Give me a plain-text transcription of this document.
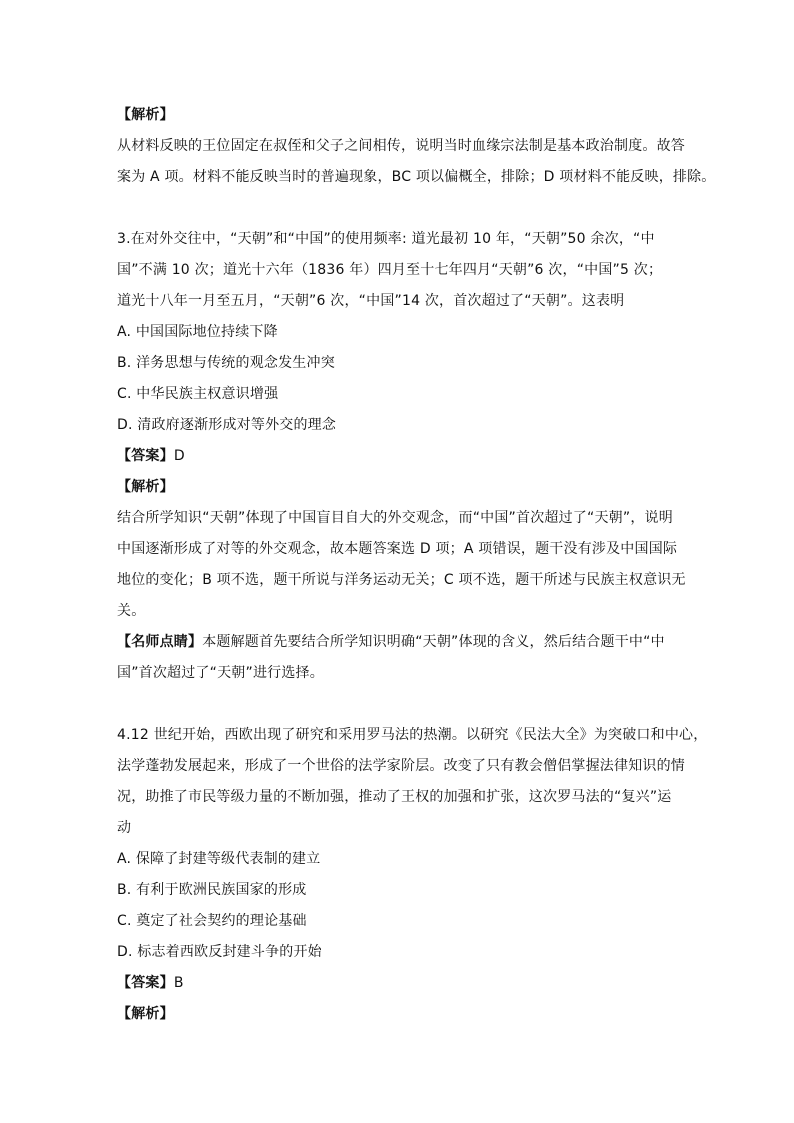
【解析】
从材料反映的王位固定在叔侄和父子之间相传，说明当时血缘宗法制是基本政治制度。故答
案为 A 项。材料不能反映当时的普遍现象，BC 项以偏概全，排除；D 项材料不能反映，排除。
3.在对外交往中，“天朝”和“中国”的使用频率: 道光最初 10 年，“天朝”50 余次，“中
国”不满 10 次；道光十六年（1836 年）四月至十七年四月“天朝”6 次，“中国”5 次；
道光十八年一月至五月，“天朝”6 次，“中国”14 次，首次超过了“天朝”。这表明
A. 中国国际地位持续下降
B. 洋务思想与传统的观念发生冲突
C. 中华民族主权意识增强
D. 清政府逐渐形成对等外交的理念
【答案】D
【解析】
结合所学知识“天朝”体现了中国盲目自大的外交观念，而“中国”首次超过了“天朝”，说明
中国逐渐形成了对等的外交观念，故本题答案选 D 项；A 项错误，题干没有涉及中国国际
地位的变化；B 项不选，题干所说与洋务运动无关；C 项不选，题干所述与民族主权意识无
关。
【名师点睛】本题解题首先要结合所学知识明确“天朝”体现的含义，然后结合题干中“中
国”首次超过了“天朝”进行选择。
4.12 世纪开始，西欧出现了研究和采用罗马法的热潮。以研究《民法大全》为突破口和中心，
法学蓬勃发展起来，形成了一个世俗的法学家阶层。改变了只有教会僧侣掌握法律知识的情
况，助推了市民等级力量的不断加强，推动了王权的加强和扩张，这次罗马法的“复兴”运
动
A. 保障了封建等级代表制的建立
B. 有利于欧洲民族国家的形成
C. 奠定了社会契约的理论基础
D. 标志着西欧反封建斗争的开始
【答案】B
【解析】
